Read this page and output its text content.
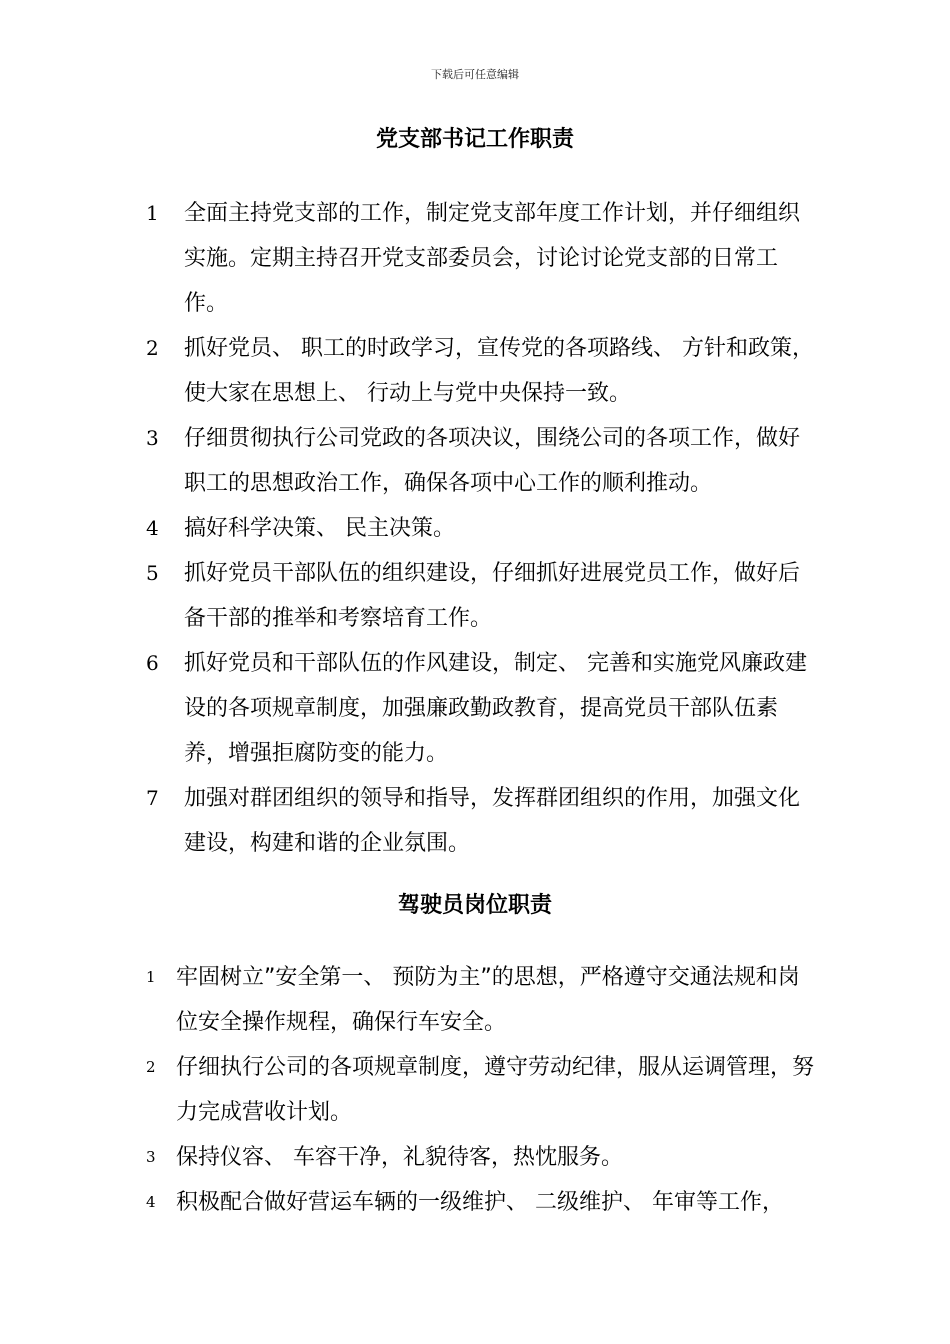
下载后可任意编辑
党支部书记工作职责
1 全面主持党支部的工作，制定党支部年度工作计划，并仔细组织实施。定期主持召开党支部委员会，讨论讨论党支部的日常工作。
2 抓好党员、 职工的时政学习，宣传党的各项路线、 方针和政策，使大家在思想上、 行动上与党中央保持一致。
3 仔细贯彻执行公司党政的各项决议，围绕公司的各项工作，做好职工的思想政治工作，确保各项中心工作的顺利推动。
4 搞好科学决策、 民主决策。
5 抓好党员干部队伍的组织建设，仔细抓好进展党员工作，做好后备干部的推举和考察培育工作。
6 抓好党员和干部队伍的作风建设，制定、 完善和实施党风廉政建设的各项规章制度，加强廉政勤政教育，提高党员干部队伍素养，增强拒腐防变的能力。
7 加强对群团组织的领导和指导，发挥群团组织的作用，加强文化建设，构建和谐的企业氛围。
驾驶员岗位职责
1 牢固树立”安全第一、 预防为主”的思想，严格遵守交通法规和岗位安全操作规程，确保行车安全。
2 仔细执行公司的各项规章制度，遵守劳动纪律，服从运调管理，努力完成营收计划。
3 保持仪容、 车容干净，礼貌待客，热忱服务。
4 积极配合做好营运车辆的一级维护、 二级维护、 年审等工作，
